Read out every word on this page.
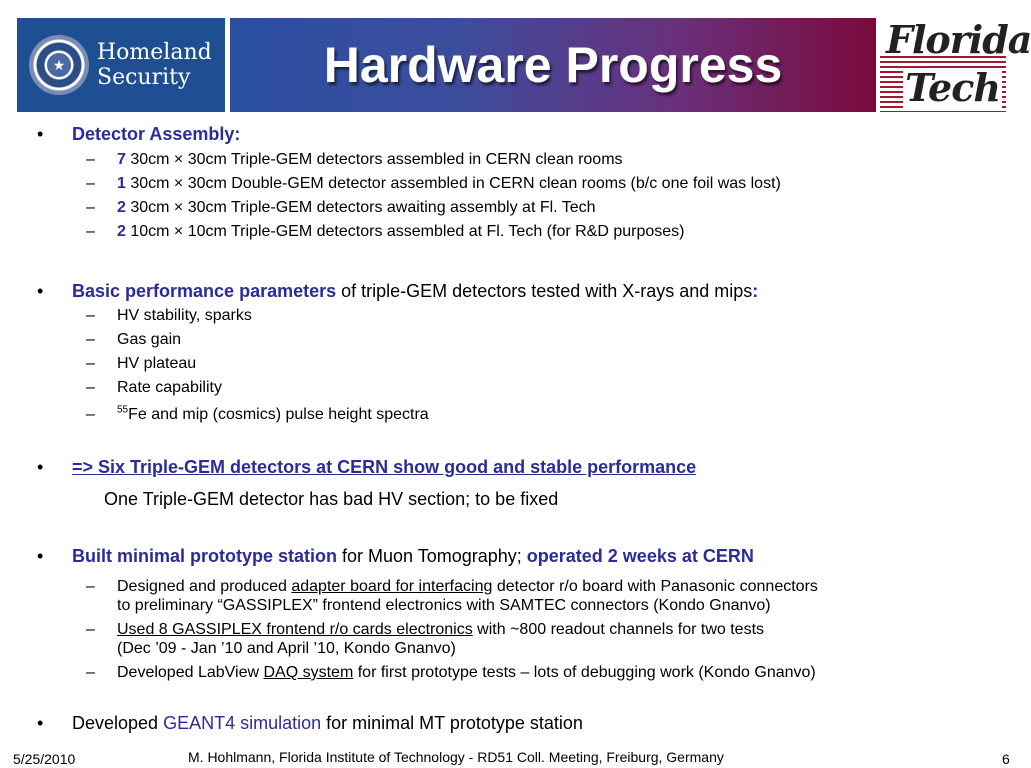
★ Homeland
Security	Hardware Progress	Florida
Tech
• Detector Assembly:
– 7 30cm × 30cm Triple-GEM detectors assembled in CERN clean rooms
– 1 30cm × 30cm Double-GEM detector assembled in CERN clean rooms (b/c one foil was lost)
– 2 30cm × 30cm Triple-GEM detectors awaiting assembly at Fl. Tech
– 2 10cm × 10cm Triple-GEM detectors assembled at Fl. Tech (for R&D purposes)
• Basic performance parameters of triple-GEM detectors tested with X-rays and mips:
– HV stability, sparks
– Gas gain
– HV plateau
– Rate capability
– $^{55}$Fe and mip (cosmics) pulse height spectra
• => Six Triple-GEM detectors at CERN show good and stable performance
One Triple-GEM detector has bad HV section; to be fixed
• Built minimal prototype station for Muon Tomography; operated 2 weeks at CERN
– Designed and produced adapter board for interfacing detector r/o board with Panasonic connectors
to preliminary “GASSIPLEX” frontend electronics with SAMTEC connectors (Kondo Gnanvo)
– Used 8 GASSIPLEX frontend r/o cards electronics with ~800 readout channels for two tests
(Dec ’09 - Jan ’10 and April ’10, Kondo Gnanvo)
– Developed LabView DAQ system for first prototype tests – lots of debugging work (Kondo Gnanvo)
• Developed GEANT4 simulation for minimal MT prototype station
5/25/2010	M. Hohlmann, Florida Institute of Technology - RD51 Coll. Meeting, Freiburg, Germany	6
